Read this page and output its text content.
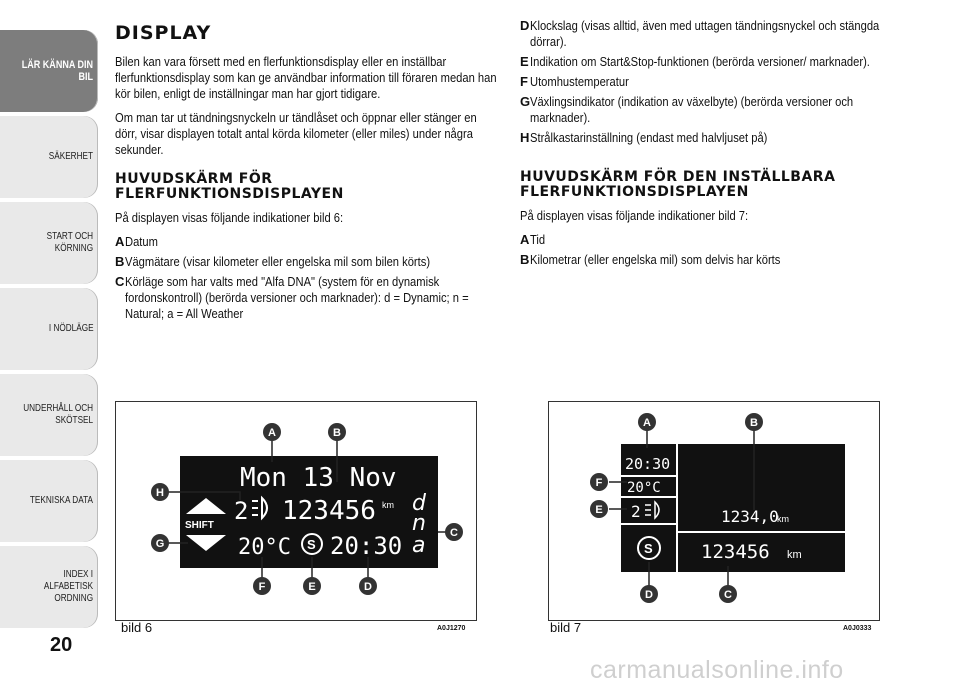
LÄR KÄNNA DIN BIL
SÄKERHET
START OCH KÖRNING
I NÖDLÄGE
UNDERHÅLL OCH SKÖTSEL
TEKNISKA DATA
INDEX I ALFABETISK ORDNING
20
DISPLAY

Bilen kan vara försett med en flerfunktionsdisplay eller en inställbar flerfunktionsdisplay som kan ge användbar information till föraren medan han kör bilen, enligt de inställningar man har gjort tidigare.

Om man tar ut tändningsnyckeln ur tändlåset och öppnar eller stänger en dörr, visar displayen totalt antal körda kilometer (eller miles) under några sekunder.

HUVUDSKÄRM FÖR FLERFUNKTIONSDISPLAYEN

På displayen visas följande indikationer bild 6:

A Datum
B Vägmätare (visar kilometer eller engelska mil som bilen körts)
C Körläge som har valts med "Alfa DNA" (system för en dynamisk fordonskontroll) (berörda versioner och marknader): d = Dynamic; n = Natural; a = All Weather
D Klockslag (visas alltid, även med uttagen tändningsnyckel och stängda dörrar).
E Indikation om Start&Stop-funktionen (berörda versioner/ marknader).
F Utomhustemperatur
G Växlingsindikator (indikation av växelbyte) (berörda versioner och marknader).
H Strålkastarinställning (endast med halvljuset på)
HUVUDSKÄRM FÖR DEN INSTÄLLBARA FLERFUNKTIONSDISPLAYEN

På displayen visas följande indikationer bild 7:

A Tid
B Kilometrar (eller engelska mil) som delvis har körts
Mon 13 Nov
SHIFT
2 123456 km d
n
a
20°C S 20:30
A	B
C
D
E
F
G
H
bild 6	A0J1270
20:30
20°C
2
S
1234,0
km
123456 km
A	B
C
D
E
F
bild 7	A0J0333
carmanualsonline.info
